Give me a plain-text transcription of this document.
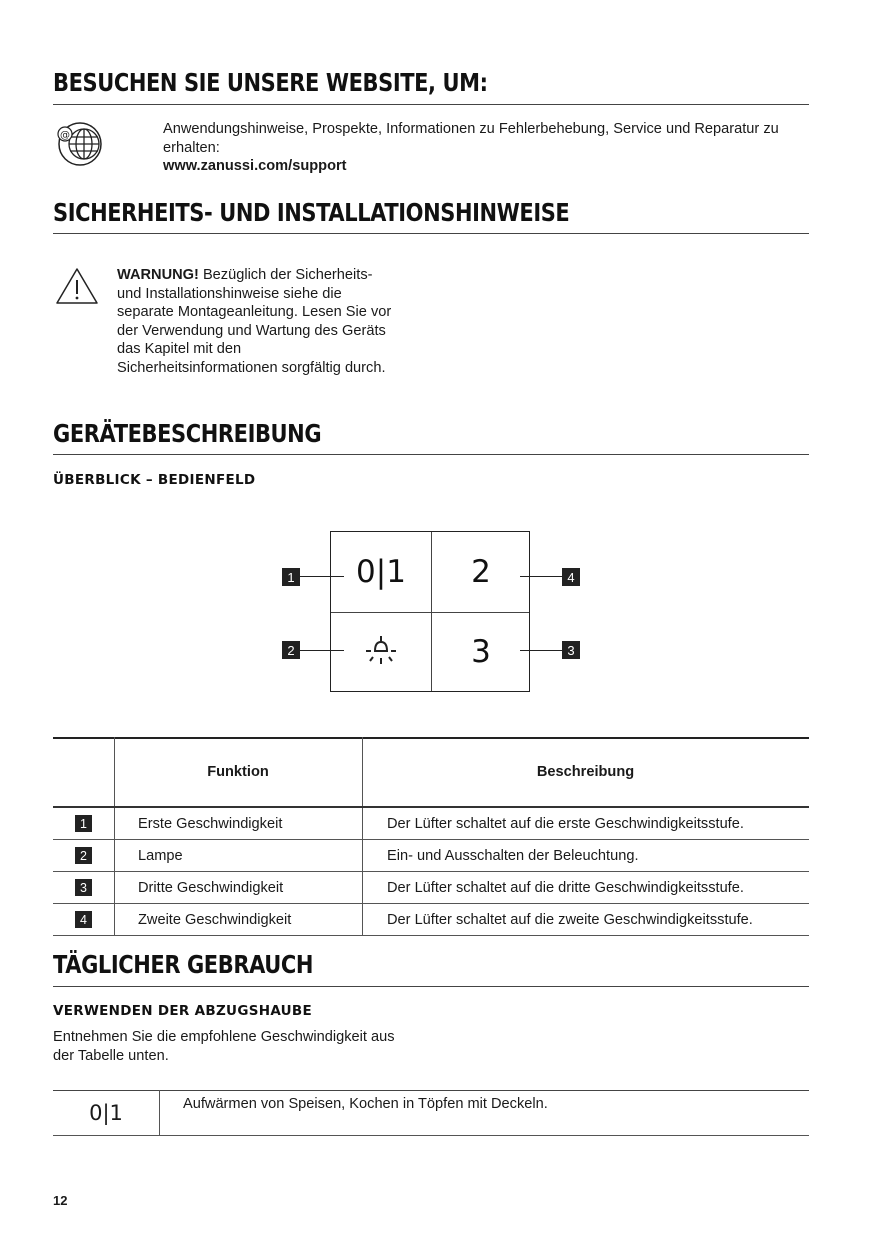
BESUCHEN SIE UNSERE WEBSITE, UM:
@	Anwendungshinweise, Prospekte, Informationen zu Fehlerbehebung, Service und Reparatur zu erhalten:
www.zanussi.com/support
SICHERHEITS- UND INSTALLATIONSHINWEISE
WARNUNG! Bezüglich der Sicherheits- und Installationshinweise siehe die separate Montageanleitung. Lesen Sie vor der Verwendung und Wartung des Geräts das Kapitel mit den Sicherheitsinformationen sorgfältig durch.
GERÄTEBESCHREIBUNG
ÜBERBLICK – BEDIENFELD
0|1	2
3
1
2
4
3
	Funktion	Beschreibung
1	Erste Geschwindigkeit	Der Lüfter schaltet auf die erste Geschwindigkeitsstufe.
2	Lampe	Ein- und Ausschalten der Beleuchtung.
3	Dritte Geschwindigkeit	Der Lüfter schaltet auf die dritte Geschwindigkeitsstufe.
4	Zweite Geschwindigkeit	Der Lüfter schaltet auf die zweite Geschwindigkeitsstufe.
TÄGLICHER GEBRAUCH
VERWENDEN DER ABZUGSHAUBE
Entnehmen Sie die empfohlene Geschwindigkeit aus der Tabelle unten.
0|1	Aufwärmen von Speisen, Kochen in Töpfen mit Deckeln.
12
